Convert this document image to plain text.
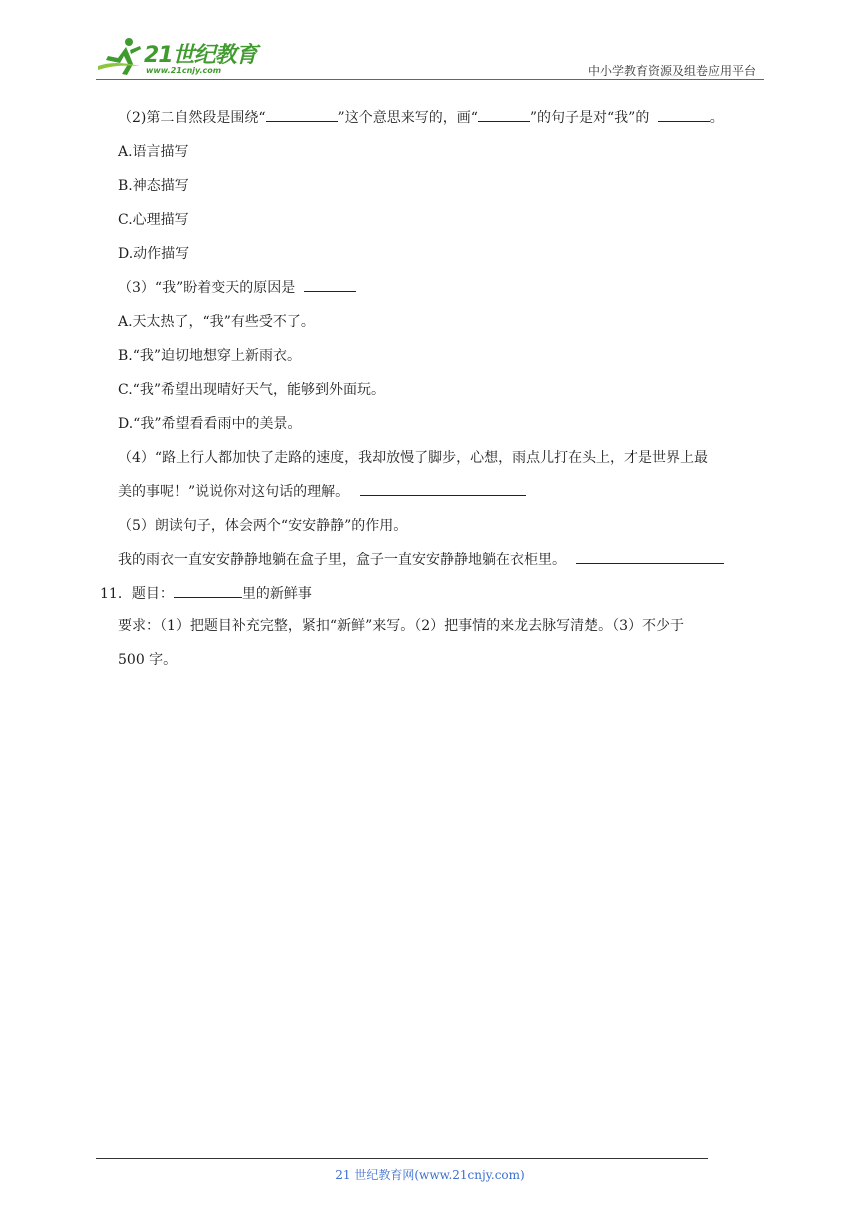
21世纪教育
www.21cnjy.com	中小学教育资源及组卷应用平台
（2)第二自然段是围绕“	”这个意思来写的，画“	”的句子是对“我”的	。
A.语言描写
B.神态描写
C.心理描写
D.动作描写
（3）“我”盼着变天的原因是
A.天太热了，“我”有些受不了。
B.“我”迫切地想穿上新雨衣。
C.“我”希望出现晴好天气，能够到外面玩。
D.“我”希望看看雨中的美景。
（4）“路上行人都加快了走路的速度，我却放慢了脚步，心想，雨点儿打在头上，才是世界上最
美的事呢！”说说你对这句话的理解。
（5）朗读句子，体会两个“安安静静”的作用。
我的雨衣一直安安静静地躺在盒子里，盒子一直安安静静地躺在衣柜里。
11．题目：	里的新鲜事
要求：（1）把题目补充完整，紧扣“新鲜”来写。（2）把事情的来龙去脉写清楚。（3）不少于
500 字。
21 世纪教育网(www.21cnjy.com)
